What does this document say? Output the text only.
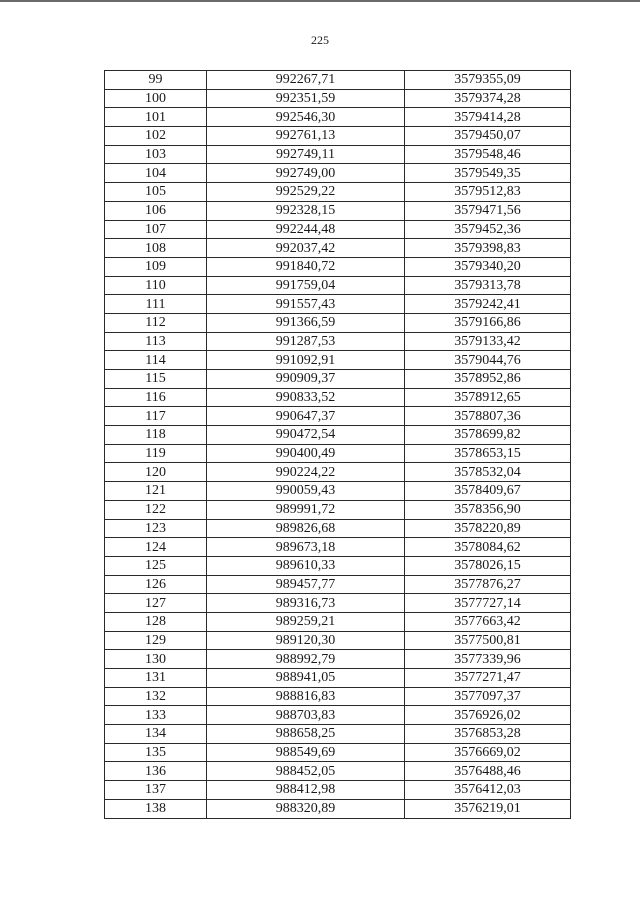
225
99	992267,71	3579355,09
100	992351,59	3579374,28
101	992546,30	3579414,28
102	992761,13	3579450,07
103	992749,11	3579548,46
104	992749,00	3579549,35
105	992529,22	3579512,83
106	992328,15	3579471,56
107	992244,48	3579452,36
108	992037,42	3579398,83
109	991840,72	3579340,20
110	991759,04	3579313,78
111	991557,43	3579242,41
112	991366,59	3579166,86
113	991287,53	3579133,42
114	991092,91	3579044,76
115	990909,37	3578952,86
116	990833,52	3578912,65
117	990647,37	3578807,36
118	990472,54	3578699,82
119	990400,49	3578653,15
120	990224,22	3578532,04
121	990059,43	3578409,67
122	989991,72	3578356,90
123	989826,68	3578220,89
124	989673,18	3578084,62
125	989610,33	3578026,15
126	989457,77	3577876,27
127	989316,73	3577727,14
128	989259,21	3577663,42
129	989120,30	3577500,81
130	988992,79	3577339,96
131	988941,05	3577271,47
132	988816,83	3577097,37
133	988703,83	3576926,02
134	988658,25	3576853,28
135	988549,69	3576669,02
136	988452,05	3576488,46
137	988412,98	3576412,03
138	988320,89	3576219,01
